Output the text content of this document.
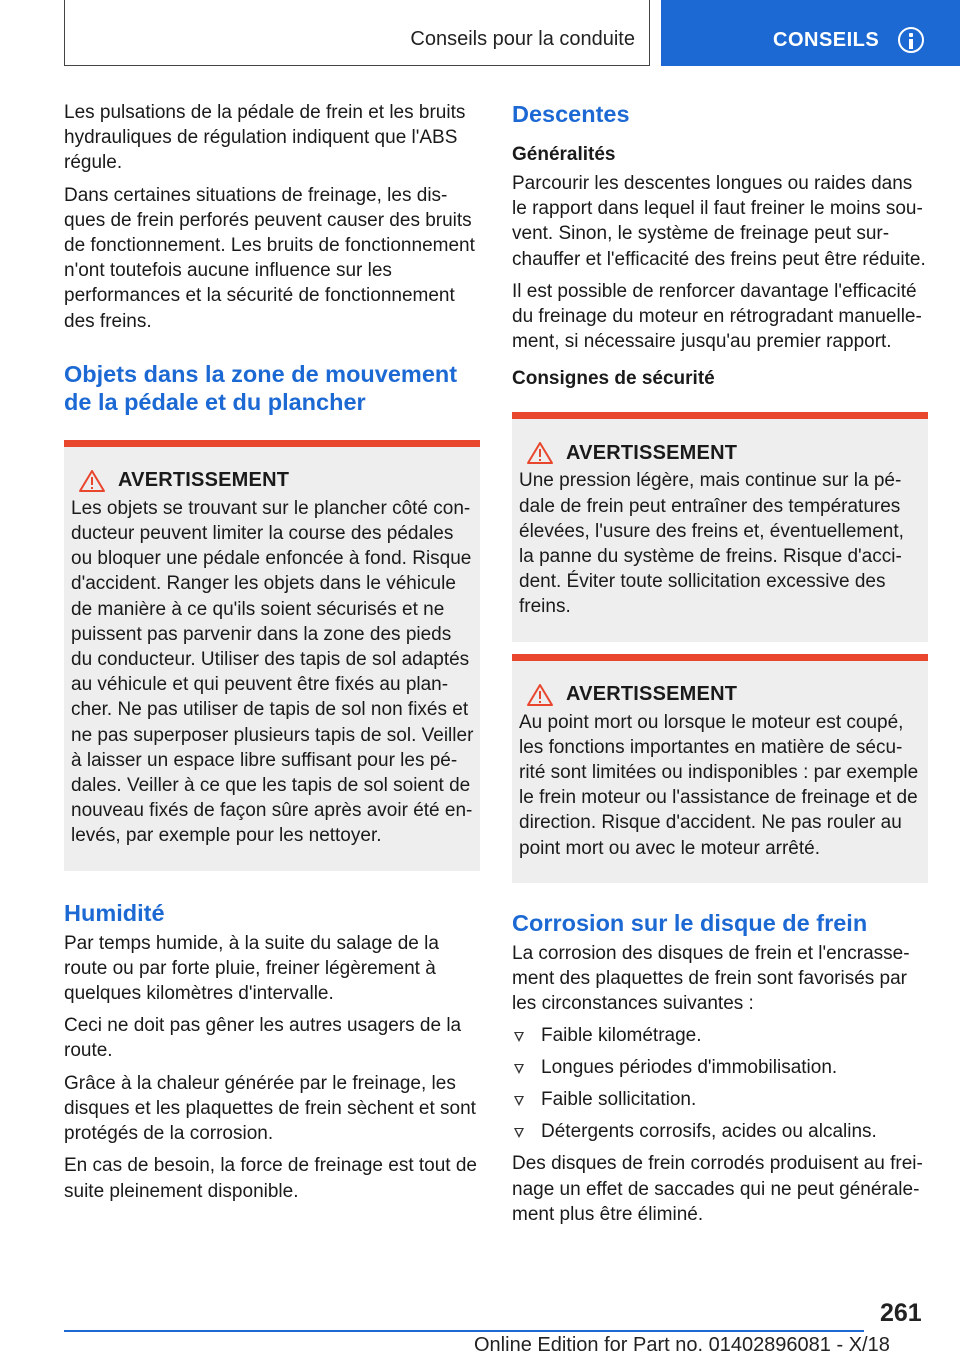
Conseils pour la conduite	CONSEILS

Les pulsations de la pédale de frein et les bruits hydrauliques de régulation indiquent que l'ABS régule.

Dans certaines situations de freinage, les disques de frein perforés peuvent causer des bruits de fonctionnement. Les bruits de fonctionnement n'ont toutefois aucune influence sur les performances et la sécurité de fonctionnement des freins.

Objets dans la zone de mouvement de la pédale et du plancher
AVERTISSEMENT

Les objets se trouvant sur le plancher côté conducteur peuvent limiter la course des pédales ou bloquer une pédale enfoncée à fond. Risque d'accident. Ranger les objets dans le véhicule de manière à ce qu'ils soient sécurisés et ne puissent pas parvenir dans la zone des pieds du conducteur. Utiliser des tapis de sol adaptés au véhicule et qui peuvent être fixés au plancher. Ne pas utiliser de tapis de sol non fixés et ne pas superposer plusieurs tapis de sol. Veiller à laisser un espace libre suffisant pour les pédales. Veiller à ce que les tapis de sol soient de nouveau fixés de façon sûre après avoir été enlevés, par exemple pour les nettoyer.

Humidité

Par temps humide, à la suite du salage de la route ou par forte pluie, freiner légèrement à quelques kilomètres d'intervalle.

Ceci ne doit pas gêner les autres usagers de la route.

Grâce à la chaleur générée par le freinage, les disques et les plaquettes de frein sèchent et sont protégés de la corrosion.

En cas de besoin, la force de freinage est tout de suite pleinement disponible.

Descentes
Généralités

Parcourir les descentes longues ou raides dans le rapport dans lequel il faut freiner le moins souvent. Sinon, le système de freinage peut surchauffer et l'efficacité des freins peut être réduite.

Il est possible de renforcer davantage l'efficacité du freinage du moteur en rétrogradant manuellement, si nécessaire jusqu'au premier rapport.

Consignes de sécurité
AVERTISSEMENT

Une pression légère, mais continue sur la pédale de frein peut entraîner des températures élevées, l'usure des freins et, éventuellement, la panne du système de freins. Risque d'accident. Éviter toute sollicitation excessive des freins.

AVERTISSEMENT

Au point mort ou lorsque le moteur est coupé, les fonctions importantes en matière de sécurité sont limitées ou indisponibles : par exemple le frein moteur ou l'assistance de freinage et de direction. Risque d'accident. Ne pas rouler au point mort ou avec le moteur arrêté.

Corrosion sur le disque de frein

La corrosion des disques de frein et l'encrassement des plaquettes de frein sont favorisés par les circonstances suivantes :

Faible kilométrage.
Longues périodes d'immobilisation.
Faible sollicitation.
Détergents corrosifs, acides ou alcalins.

Des disques de frein corrodés produisent au freinage un effet de saccades qui ne peut généralement plus être éliminé.

261
Online Edition for Part no. 01402896081 - X/18
